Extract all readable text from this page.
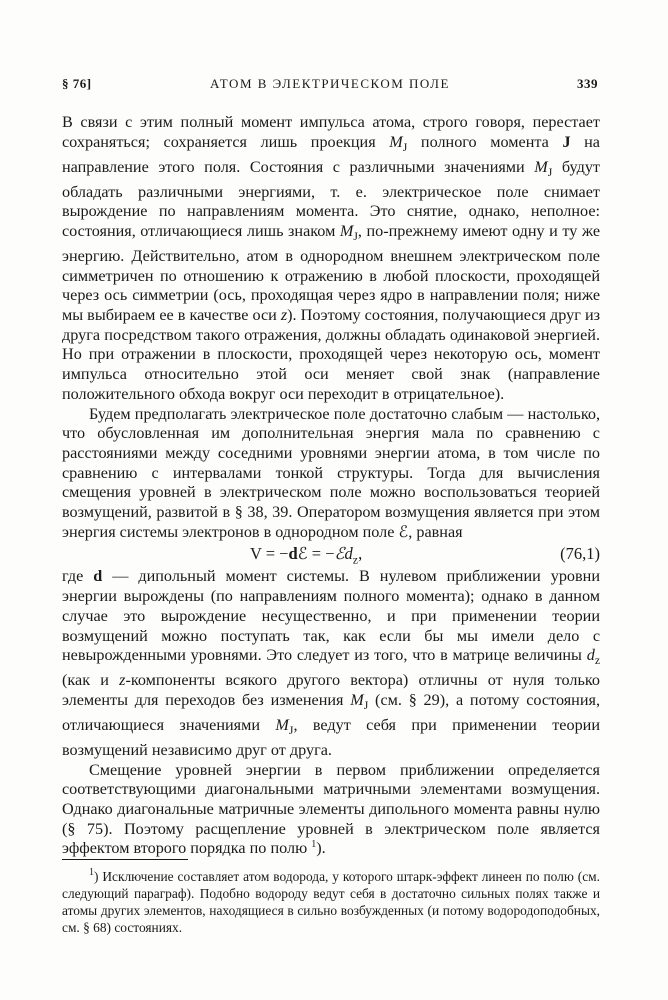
§ 76]	АТОМ В ЭЛЕКТРИЧЕСКОМ ПОЛЕ	339

В связи с этим полный момент импульса атома, строго говоря, перестает сохраняться; сохраняется лишь проекция $M_J$ полного момента J на направление этого поля. Состояния с различными значениями $M_J$ будут обладать различными энергиями, т. е. электрическое поле снимает вырождение по направлениям момента. Это снятие, однако, неполное: состояния, отличающиеся лишь знаком $M_J$, по-прежнему имеют одну и ту же энергию. Действительно, атом в однородном внешнем электрическом поле симметричен по отношению к отражению в любой плоскости, проходящей через ось симметрии (ось, проходящая через ядро в направлении поля; ниже мы выбираем ее в качестве оси z). Поэтому состояния, получающиеся друг из друга посредством такого отражения, должны обладать одинаковой энергией. Но при отражении в плоскости, проходящей через некоторую ось, момент импульса относительно этой оси меняет свой знак (направление положительного обхода вокруг оси переходит в отрицательное).

Будем предполагать электрическое поле достаточно слабым — настолько, что обусловленная им дополнительная энергия мала по сравнению с расстояниями между соседними уровнями энергии атома, в том числе по сравнению с интервалами тонкой структуры. Тогда для вычисления смещения уровней в электрическом поле можно воспользоваться теорией возмущений, развитой в § 38, 39. Оператором возмущения является при этом энергия системы электронов в однородном поле ℰ, равная

V = −dℰ = −ℰd$_z$,	(76,1)

где d — дипольный момент системы. В нулевом приближении уровни энергии вырождены (по направлениям полного момента); однако в данном случае это вырождение несущественно, и при применении теории возмущений можно поступать так, как если бы мы имели дело с невырожденными уровнями. Это следует из того, что в матрице величины $d_z$ (как и z-компоненты всякого другого вектора) отличны от нуля только элементы для переходов без изменения $M_J$ (см. § 29), а потому состояния, отличающиеся значениями $M_J$, ведут себя при применении теории возмущений независимо друг от друга.

Смещение уровней энергии в первом приближении определяется соответствующими диагональными матричными элементами возмущения. Однако диагональные матричные элементы дипольного момента равны нулю (§ 75). Поэтому расщепление уровней в электрическом поле является эффектом второго порядка по полю $^1$).

$^1$) Исключение составляет атом водорода, у которого штарк-эффект линеен по полю (см. следующий параграф). Подобно водороду ведут себя в достаточно сильных полях также и атомы других элементов, находящиеся в сильно возбужденных (и потому водородоподобных, см. § 68) состояниях.
